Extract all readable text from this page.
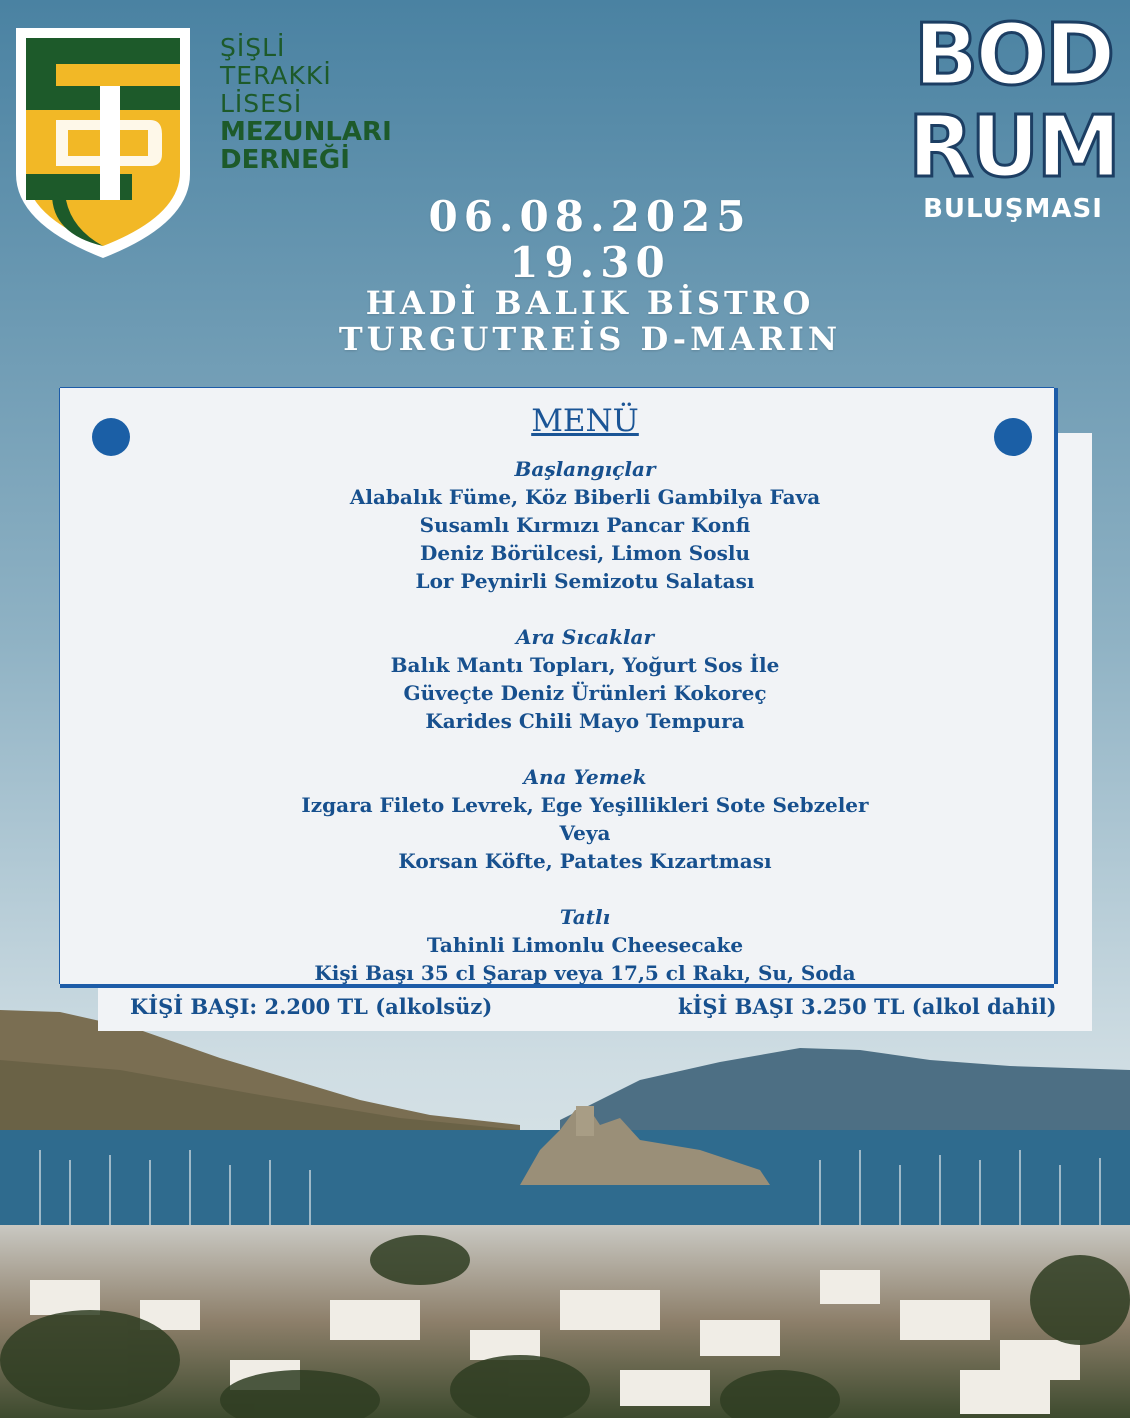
ŞİŞLİ
TERAKKİ
LİSESİ
MEZUNLARI
DERNEĞİ
BOD
RUM
BULUŞMASI
06.08.2025
19.30
HADİ BALIK BİSTRO
TURGUTREİS D-MARIN
MENÜ
Başlangıçlar
Alabalık Füme, Köz Biberli Gambilya Fava
Susamlı Kırmızı Pancar Konfi
Deniz Börülcesi, Limon Soslu
Lor Peynirli Semizotu Salatası
Ara Sıcaklar
Balık Mantı Topları, Yoğurt Sos İle
Güveçte Deniz Ürünleri Kokoreç
Karides Chili Mayo Tempura
Ana Yemek
Izgara Fileto Levrek, Ege Yeşillikleri Sote Sebzeler
Veya
Korsan Köfte, Patates Kızartması
Tatlı
Tahinli Limonlu Cheesecake
Kişi Başı 35 cl Şarap veya 17,5 cl Rakı, Su, Soda
KİŞİ BAŞI: 2.200 TL (alkolsüz)	kİŞİ BAŞI 3.250 TL (alkol dahil)
